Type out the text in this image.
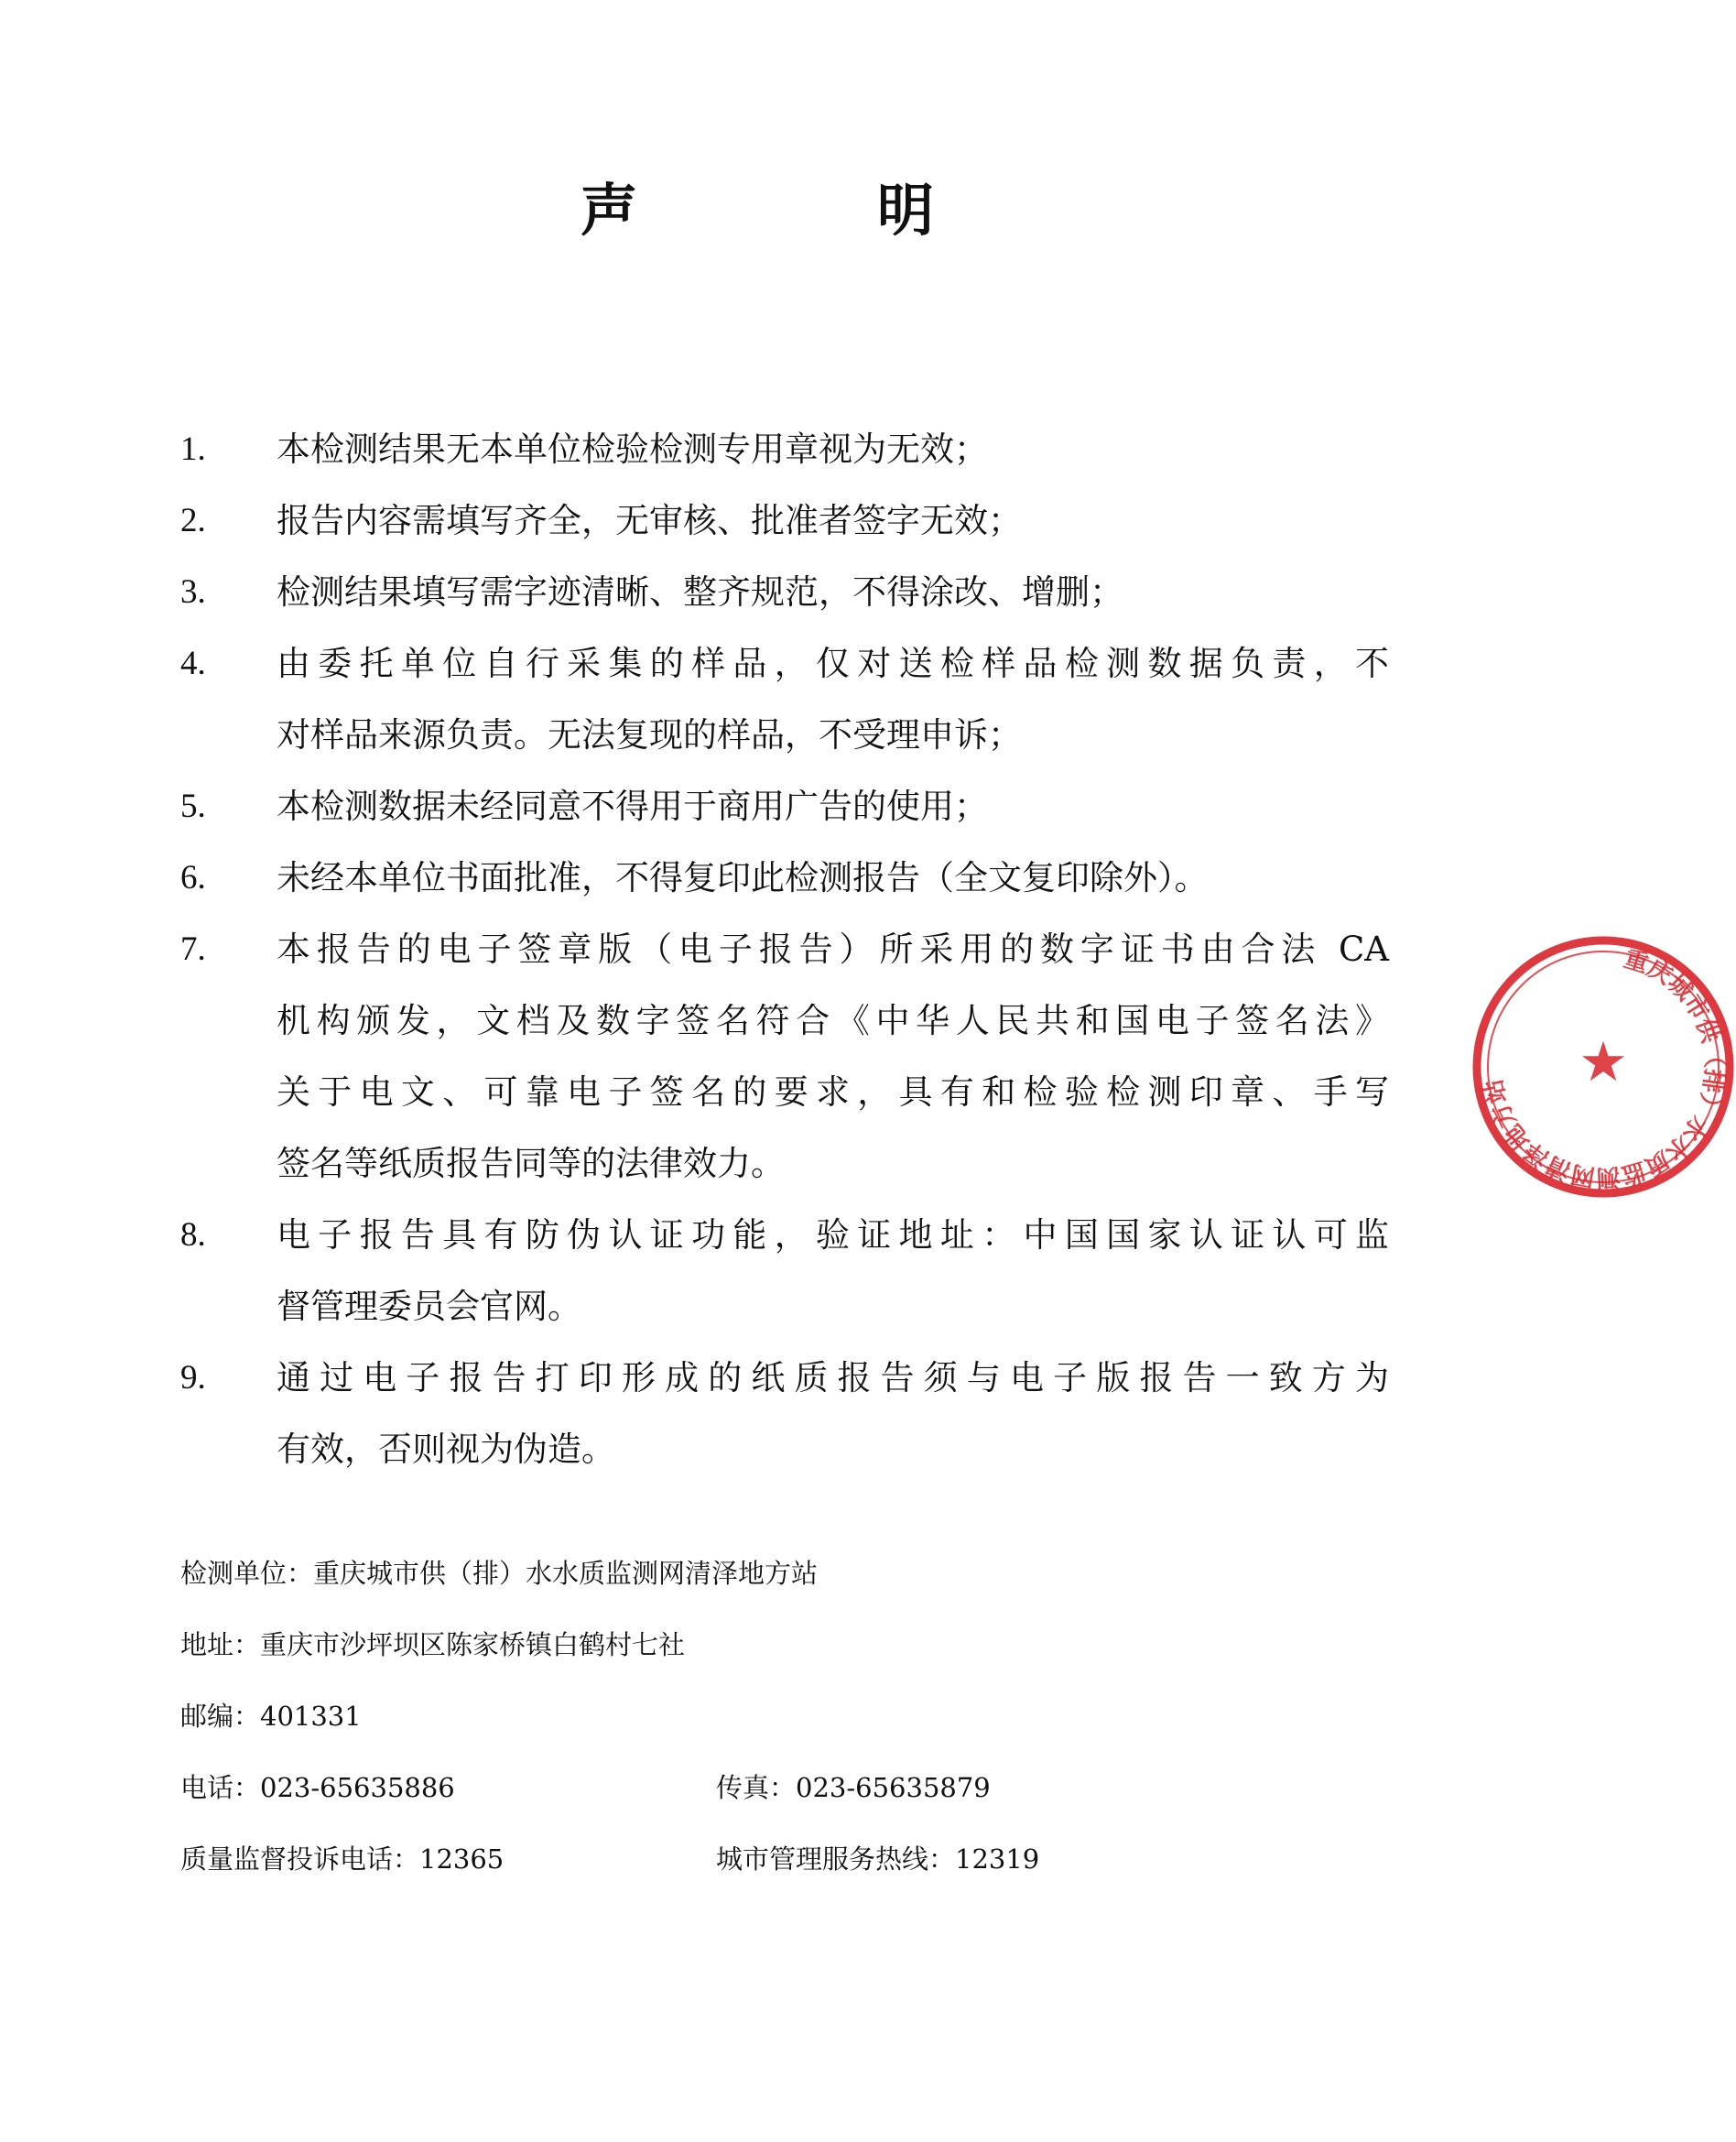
声　明
1. 本检测结果无本单位检验检测专用章视为无效；
2. 报告内容需填写齐全，无审核、批准者签字无效；
3. 检测结果填写需字迹清晰、整齐规范，不得涂改、增删；
4. 由委托单位自行采集的样品，仅对送检样品检测数据负责，不
对样品来源负责。无法复现的样品，不受理申诉；
5. 本检测数据未经同意不得用于商用广告的使用；
6. 未经本单位书面批准，不得复印此检测报告（全文复印除外）。
7. 本报告的电子签章版（电子报告）所采用的数字证书由合法 CA
机构颁发，文档及数字签名符合《中华人民共和国电子签名法》
关于电文、可靠电子签名的要求，具有和检验检测印章、手写
签名等纸质报告同等的法律效力。
8. 电子报告具有防伪认证功能，验证地址：中国国家认证认可监
督管理委员会官网。
9. 通过电子报告打印形成的纸质报告须与电子版报告一致方为
有效，否则视为伪造。
检测单位：重庆城市供（排）水水质监测网清泽地方站
地址：重庆市沙坪坝区陈家桥镇白鹤村七社
邮编：401331
电话：023-65635886	传真：023-65635879
质量监督投诉电话：12365	城市管理服务热线：12319
重庆城市供（排）水水质监测网清泽地方站	★
